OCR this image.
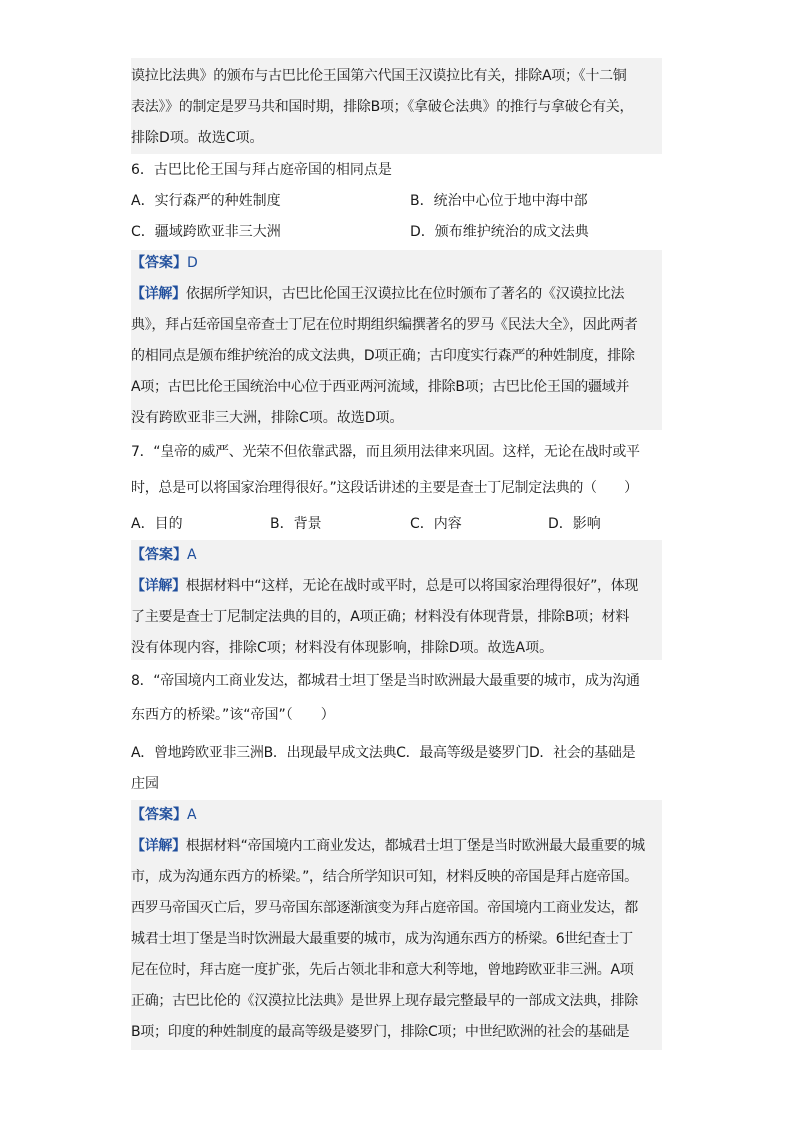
谟拉比法典》的颁布与古巴比伦王国第六代国王汉谟拉比有关，排除A项；《十二铜
表法》》的制定是罗马共和国时期，排除B项；《拿破仑法典》的推行与拿破仑有关，
排除D项。故选C项。
6．古巴比伦王国与拜占庭帝国的相同点是
A．实行森严的种姓制度	B．统治中心位于地中海中部
C．疆域跨欧亚非三大洲	D．颁布维护统治的成文法典
【答案】D
【详解】依据所学知识，古巴比伦国王汉谟拉比在位时颁布了著名的《汉谟拉比法
典》，拜占廷帝国皇帝查士丁尼在位时期组织编撰著名的罗马《民法大全》，因此两者
的相同点是颁布维护统治的成文法典，D项正确；古印度实行森严的种姓制度，排除
A项；古巴比伦王国统治中心位于西亚两河流域，排除B项；古巴比伦王国的疆域并
没有跨欧亚非三大洲，排除C项。故选D项。
7．“皇帝的威严、光荣不但依靠武器，而且须用法律来巩固。这样，无论在战时或平
时，总是可以将国家治理得很好。”这段话讲述的主要是查士丁尼制定法典的（　　）
A．目的	B．背景	C．内容	D．影响
【答案】A
【详解】根据材料中“这样，无论在战时或平时，总是可以将国家治理得很好”，体现
了主要是查士丁尼制定法典的目的，A项正确；材料没有体现背景，排除B项；材料
没有体现内容，排除C项；材料没有体现影响，排除D项。故选A项。
8．“帝国境内工商业发达，都城君士坦丁堡是当时欧洲最大最重要的城市，成为沟通
东西方的桥梁。”该“帝国”（　　）
A．曾地跨欧亚非三洲B．出现最早成文法典C．最高等级是婆罗门D．社会的基础是
庄园
【答案】A
【详解】根据材料“帝国境内工商业发达，都城君士坦丁堡是当时欧洲最大最重要的城
市，成为沟通东西方的桥梁。”，结合所学知识可知，材料反映的帝国是拜占庭帝国。
西罗马帝国灭亡后，罗马帝国东部逐渐演变为拜占庭帝国。帝国境内工商业发达，都
城君士坦丁堡是当时饮洲最大最重要的城市，成为沟通东西方的桥梁。6世纪查士丁
尼在位时，拜古庭一度扩张，先后占领北非和意大利等地，曾地跨欧亚非三洲。A项
正确；古巴比伦的《汉漠拉比法典》是世界上现存最完整最早的一部成文法典，排除
B项；印度的种姓制度的最高等级是婆罗门，排除C项；中世纪欧洲的社会的基础是
